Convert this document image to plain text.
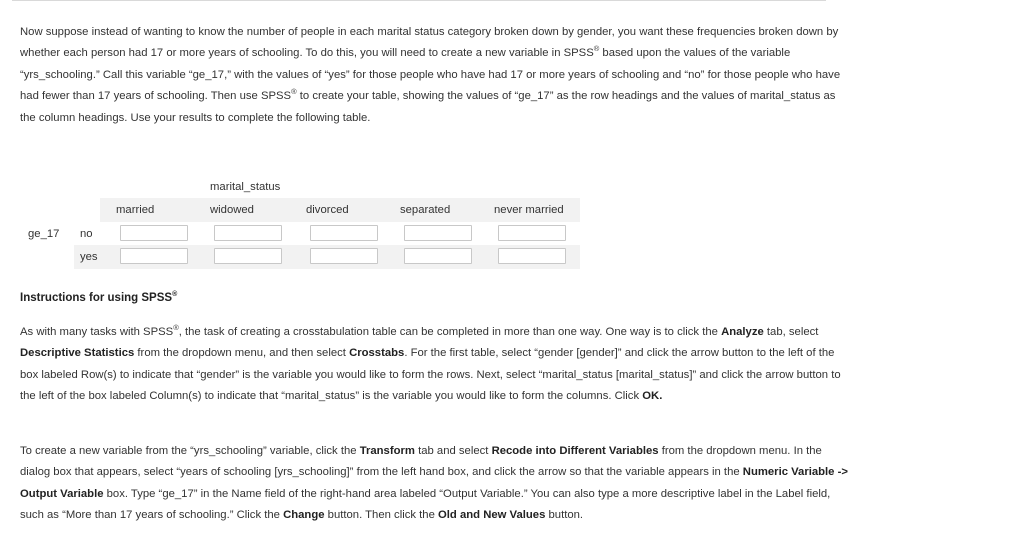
Now suppose instead of wanting to know the number of people in each marital status category broken down by gender, you want these frequencies broken down by whether each person had 17 or more years of schooling. To do this, you will need to create a new variable in SPSS® based upon the values of the variable “yrs_schooling.” Call this variable “ge_17,” with the values of “yes” for those people who have had 17 or more years of schooling and “no” for those people who have had fewer than 17 years of schooling. Then use SPSS® to create your table, showing the values of “ge_17” as the row headings and the values of marital_status as the column headings. Use your results to complete the following table.

marital_status
married	widowed	divorced	separated	never married
ge_17 no
yes
Instructions for using SPSS®

As with many tasks with SPSS®, the task of creating a crosstabulation table can be completed in more than one way. One way is to click the Analyze tab, select Descriptive Statistics from the dropdown menu, and then select Crosstabs. For the first table, select “gender [gender]” and click the arrow button to the left of the box labeled Row(s) to indicate that “gender” is the variable you would like to form the rows. Next, select “marital_status [marital_status]” and click the arrow button to the left of the box labeled Column(s) to indicate that “marital_status” is the variable you would like to form the columns. Click OK.

To create a new variable from the “yrs_schooling” variable, click the Transform tab and select Recode into Different Variables from the dropdown menu. In the dialog box that appears, select “years of schooling [yrs_schooling]” from the left hand box, and click the arrow so that the variable appears in the Numeric Variable -> Output Variable box. Type “ge_17” in the Name field of the right-hand area labeled “Output Variable.” You can also type a more descriptive label in the Label field, such as “More than 17 years of schooling.” Click the Change button. Then click the Old and New Values button.
